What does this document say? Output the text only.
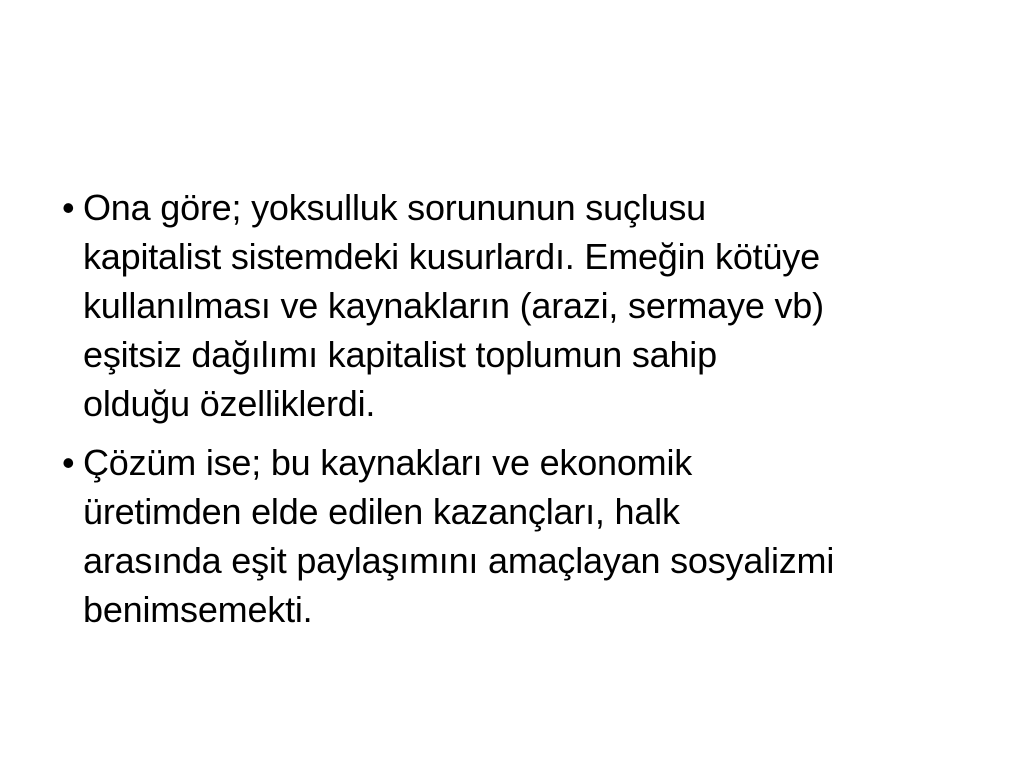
• Ona göre; yoksulluk sorununun suçlusu
kapitalist sistemdeki kusurlardı. Emeğin kötüye
kullanılması ve kaynakların (arazi, sermaye vb)
eşitsiz dağılımı kapitalist toplumun sahip
olduğu özelliklerdi.
• Çözüm ise; bu kaynakları ve ekonomik
üretimden elde edilen kazançları, halk
arasında eşit paylaşımını amaçlayan sosyalizmi
benimsemekti.
